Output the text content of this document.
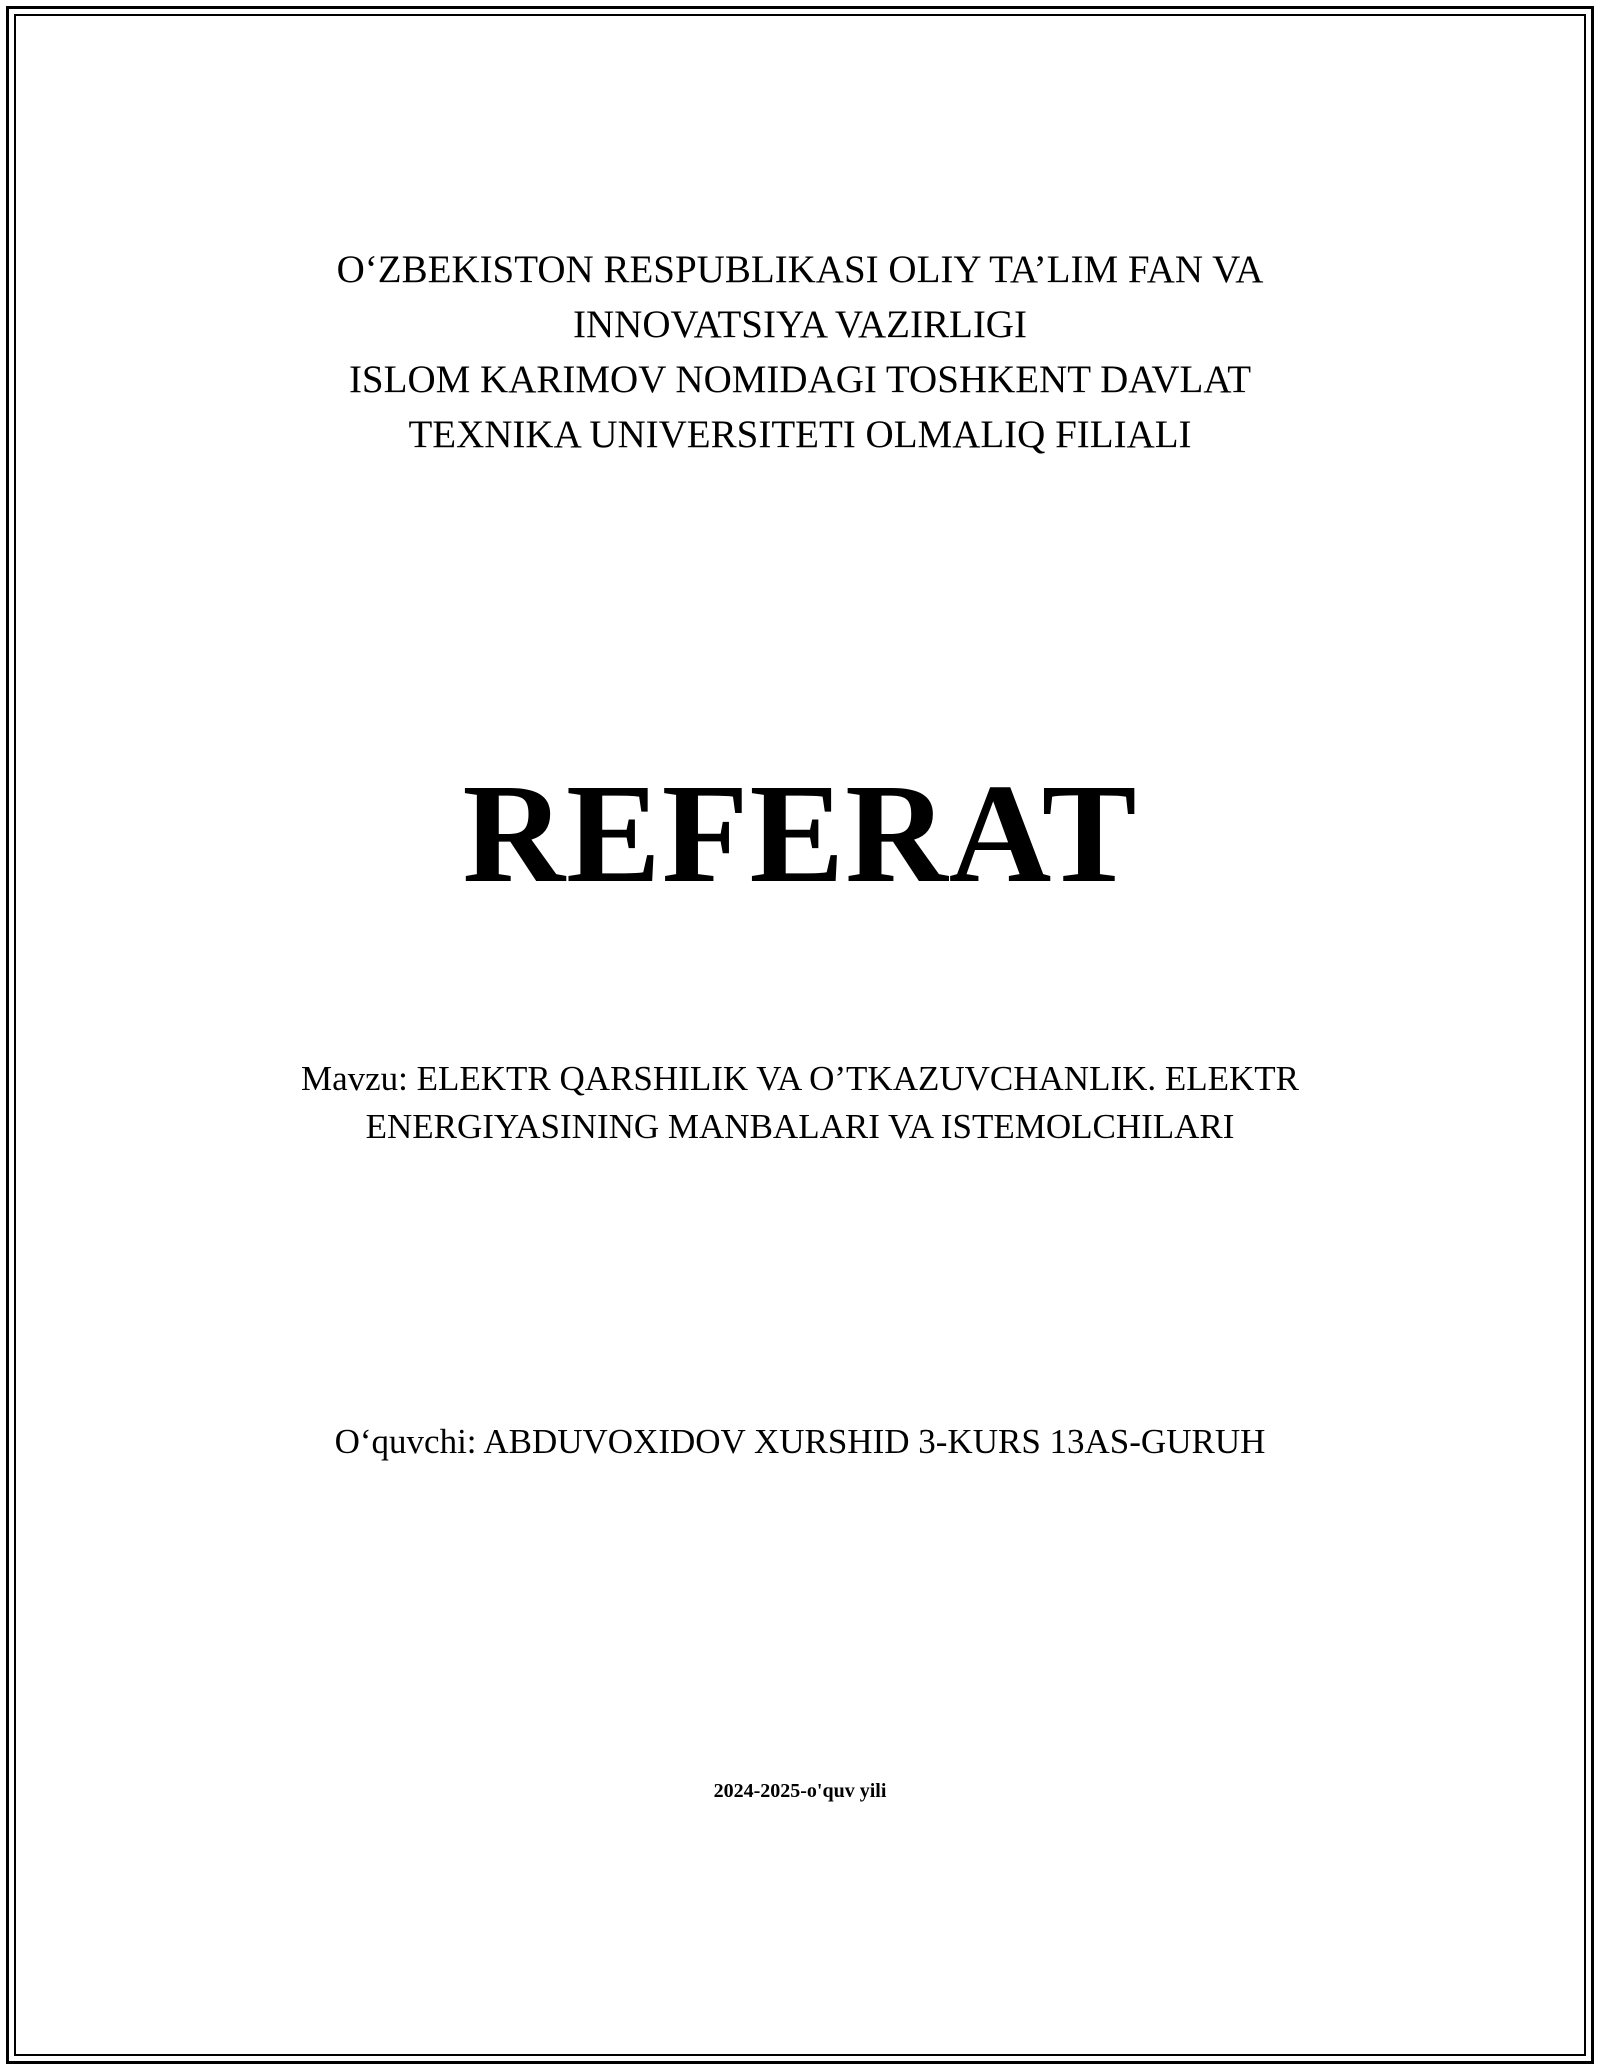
O‘ZBEKISTON RESPUBLIKASI OLIY TA’LIM FAN VA
INNOVATSIYA VAZIRLIGI
ISLOM KARIMOV NOMIDAGI TOSHKENT DAVLAT
TEXNIKA UNIVERSITETI OLMALIQ FILIALI
REFERAT
Mavzu: ELEKTR QARSHILIK VA O’TKAZUVCHANLIK. ELEKTR
ENERGIYASINING MANBALARI VA ISTEMOLCHILARI
O‘quvchi: ABDUVOXIDOV XURSHID 3-KURS 13AS-GURUH
2024-2025-o'quv yili
